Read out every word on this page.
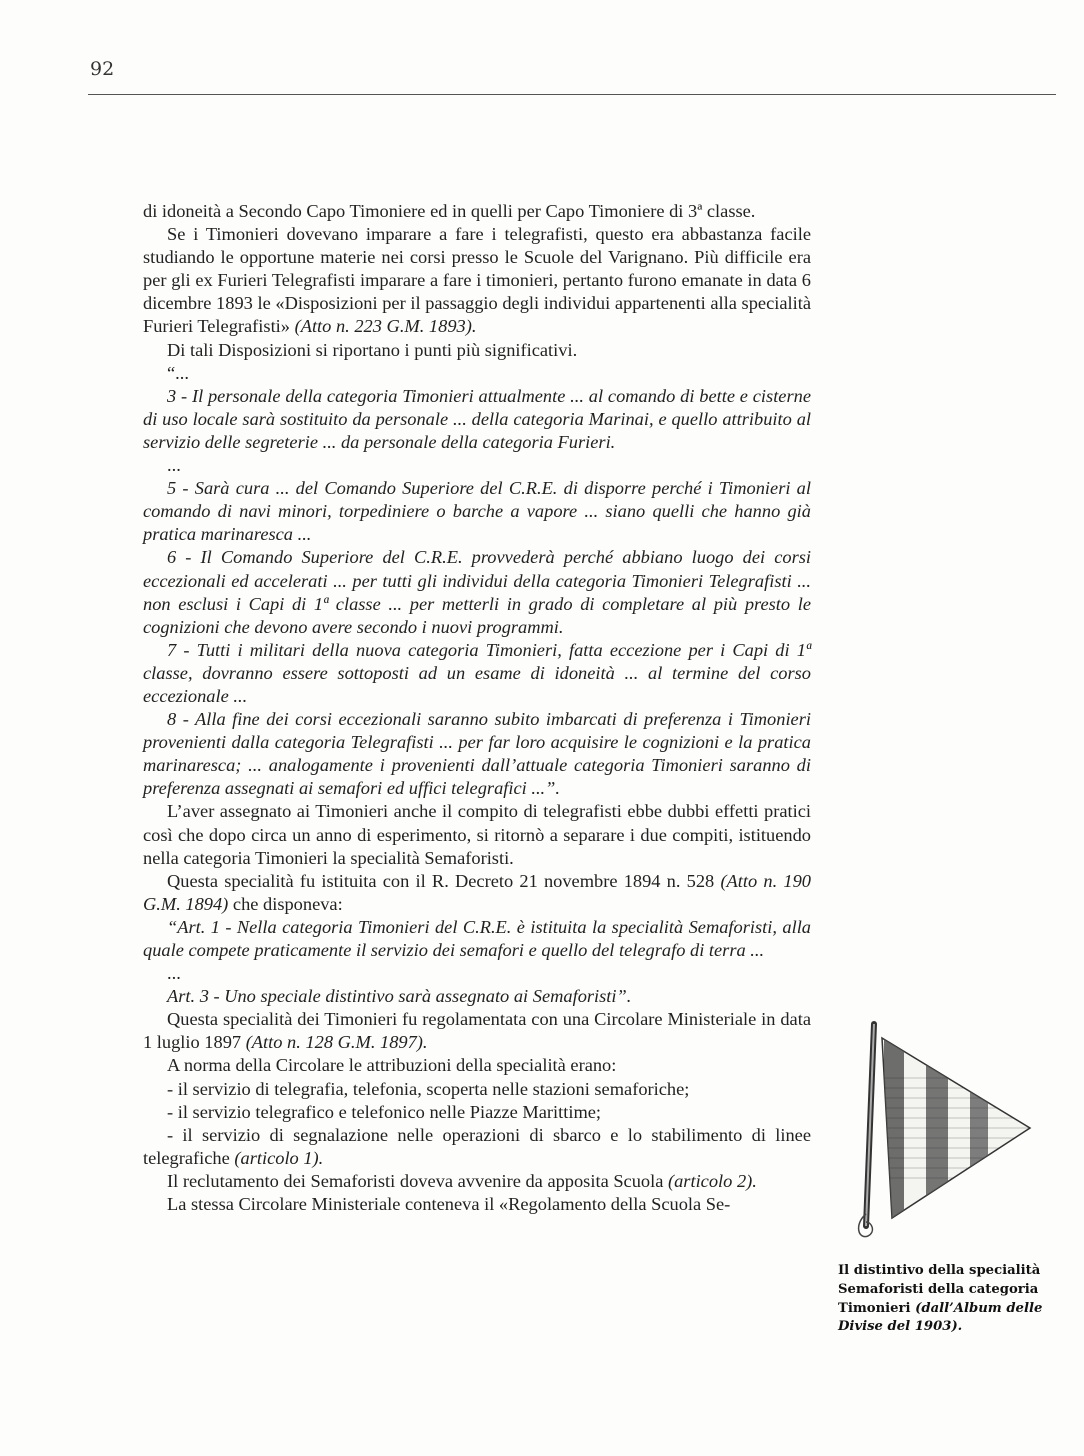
92

di idoneità a Secondo Capo Timoniere ed in quelli per Capo Timoniere di 3ª classe.

Se i Timonieri dovevano imparare a fare i telegrafisti, questo era abbastanza facile studiando le opportune materie nei corsi presso le Scuole del Varignano. Più difficile era per gli ex Furieri Telegrafisti imparare a fare i timonieri, pertanto furono emanate in data 6 dicembre 1893 le «Disposizioni per il passaggio degli individui appartenenti alla specialità Furieri Telegrafisti» (Atto n. 223 G.M. 1893).

Di tali Disposizioni si riportano i punti più significativi.

“...

3 - Il personale della categoria Timonieri attualmente ... al comando di bette e cisterne di uso locale sarà sostituito da personale ... della categoria Marinai, e quello attribuito al servizio delle segreterie ... da personale della categoria Furieri.

...

5 - Sarà cura ... del Comando Superiore del C.R.E. di disporre perché i Timonieri al comando di navi minori, torpediniere o barche a vapore ... siano quelli che hanno già pratica marinaresca ...

6 - Il Comando Superiore del C.R.E. provvederà perché abbiano luogo dei corsi eccezionali ed accelerati ... per tutti gli individui della categoria Timonieri Telegrafisti ... non esclusi i Capi di 1ª classe ... per metterli in grado di completare al più presto le cognizioni che devono avere secondo i nuovi programmi.

7 - Tutti i militari della nuova categoria Timonieri, fatta eccezione per i Capi di 1ª classe, dovranno essere sottoposti ad un esame di idoneità ... al termine del corso eccezionale ...

8 - Alla fine dei corsi eccezionali saranno subito imbarcati di preferenza i Timonieri provenienti dalla categoria Telegrafisti ... per far loro acquisire le cognizioni e la pratica marinaresca; ... analogamente i provenienti dall’attuale categoria Timonieri saranno di preferenza assegnati ai semafori ed uffici telegrafici ...”.

L’aver assegnato ai Timonieri anche il compito di telegrafisti ebbe dubbi effetti pratici così che dopo circa un anno di esperimento, si ritornò a separare i due compiti, istituendo nella categoria Timonieri la specialità Semaforisti.

Questa specialità fu istituita con il R. Decreto 21 novembre 1894 n. 528 (Atto n. 190 G.M. 1894) che disponeva:

“Art. 1 - Nella categoria Timonieri del C.R.E. è istituita la specialità Semaforisti, alla quale compete praticamente il servizio dei semafori e quello del telegrafo di terra ...

...

Art. 3 - Uno speciale distintivo sarà assegnato ai Semaforisti”.

Questa specialità dei Timonieri fu regolamentata con una Circolare Ministeriale in data 1 luglio 1897 (Atto n. 128 G.M. 1897).

A norma della Circolare le attribuzioni della specialità erano:

- il servizio di telegrafia, telefonia, scoperta nelle stazioni semaforiche;

- il servizio telegrafico e telefonico nelle Piazze Marittime;

- il servizio di segnalazione nelle operazioni di sbarco e lo stabilimento di linee telegrafiche (articolo 1).

Il reclutamento dei Semaforisti doveva avvenire da apposita Scuola (articolo 2).

La stessa Circolare Ministeriale conteneva il «Regolamento della Scuola Se-

Il distintivo della specialità Semaforisti della categoria Timonieri (dall’Album delle Divise del 1903).
